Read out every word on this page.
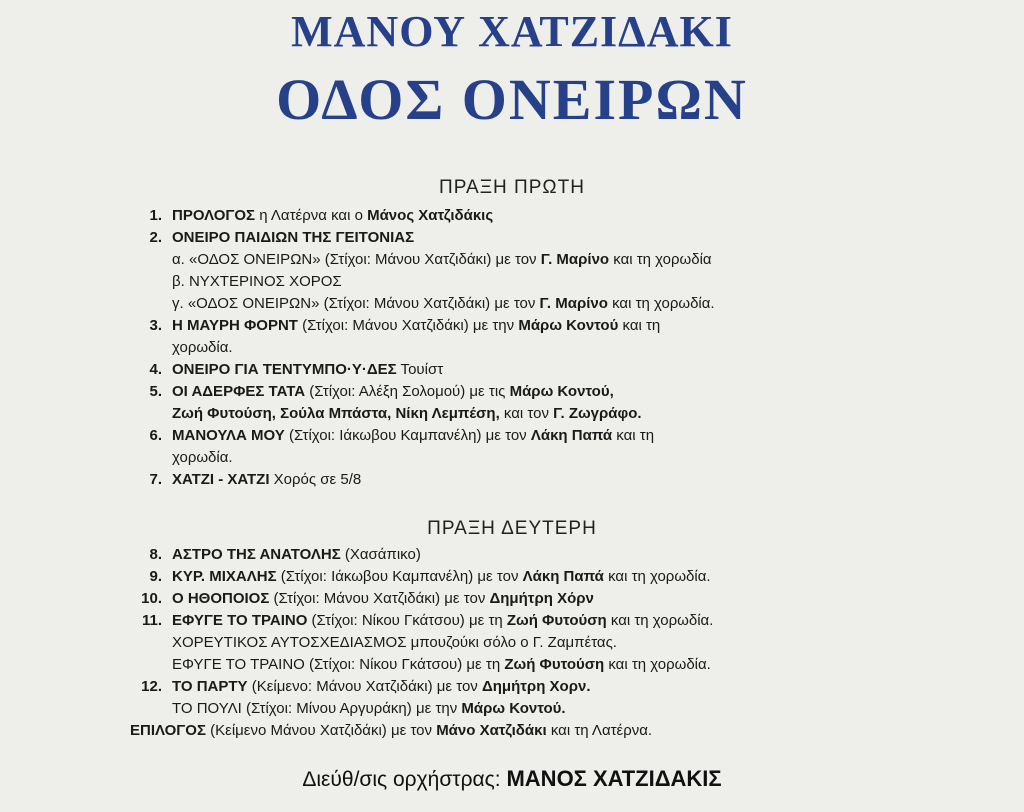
ΜΑΝΟΥ ΧΑΤΖΙΔΑΚΙ
ΟΔΟΣ ΟΝΕΙΡΩΝ
ΠΡΑΞΗ ΠΡΩΤΗ
1. ΠΡΟΛΟΓΟΣ η Λατέρνα και ο Μάνος Χατζιδάκις
2. ΟΝΕΙΡΟ ΠΑΙΔΙΩΝ ΤΗΣ ΓΕΙΤΟΝΙΑΣ
α. «ΟΔΟΣ ΟΝΕΙΡΩΝ» (Στίχοι: Μάνου Χατζιδάκι) με τον Γ. Μαρίνο και τη χορωδία
β. ΝΥΧΤΕΡΙΝΟΣ ΧΟΡΟΣ
γ. «ΟΔΟΣ ΟΝΕΙΡΩΝ» (Στίχοι: Μάνου Χατζιδάκι) με τον Γ. Μαρίνο και τη χορωδία.
3. Η ΜΑΥΡΗ ΦΟΡΝΤ (Στίχοι: Μάνου Χατζιδάκι) με την Μάρω Κοντού και τη
χορωδία.
4. ΟΝΕΙΡΟ ΓΙΑ ΤΕΝΤΥΜΠΟ·Υ·ΔΕΣ Τουίστ
5. ΟΙ ΑΔΕΡΦΕΣ ΤΑΤΑ (Στίχοι: Αλέξη Σολομού) με τις Μάρω Κοντού,
Ζωή Φυτούση, Σούλα Μπάστα, Νίκη Λεμπέση, και τον Γ. Ζωγράφο.
6. ΜΑΝΟΥΛΑ ΜΟΥ (Στίχοι: Ιάκωβου Καμπανέλη) με τον Λάκη Παπά και τη
χορωδία.
7. ΧΑΤΖΙ - ΧΑΤΖΙ Χορός σε 5/8
ΠΡΑΞΗ ΔΕΥΤΕΡΗ
8. ΑΣΤΡΟ ΤΗΣ ΑΝΑΤΟΛΗΣ (Χασάπικο)
9. ΚΥΡ. ΜΙΧΑΛΗΣ (Στίχοι: Ιάκωβου Καμπανέλη) με τον Λάκη Παπά και τη χορωδία.
10. Ο ΗΘΟΠΟΙΟΣ (Στίχοι: Μάνου Χατζιδάκι) με τον Δημήτρη Χόρν
11. ΕΦΥΓΕ ΤΟ ΤΡΑΙΝΟ (Στίχοι: Νίκου Γκάτσου) με τη Ζωή Φυτούση και τη χορωδία.
ΧΟΡΕΥΤΙΚΟΣ ΑΥΤΟΣΧΕΔΙΑΣΜΟΣ μπουζούκι σόλο ο Γ. Ζαμπέτας.
ΕΦΥΓΕ ΤΟ ΤΡΑΙΝΟ (Στίχοι: Νίκου Γκάτσου) με τη Ζωή Φυτούση και τη χορωδία.
12. ΤΟ ΠΑΡΤΥ (Κείμενο: Μάνου Χατζιδάκι) με τον Δημήτρη Χορν.
ΤΟ ΠΟΥΛΙ (Στίχοι: Μίνου Αργυράκη) με την Μάρω Κοντού.
ΕΠΙΛΟΓΟΣ (Κείμενο Μάνου Χατζιδάκι) με τον Μάνο Χατζιδάκι και τη Λατέρνα.
Διεύθ/σις ορχήστρας: ΜΑΝΟΣ ΧΑΤΖΙΔΑΚΙΣ
